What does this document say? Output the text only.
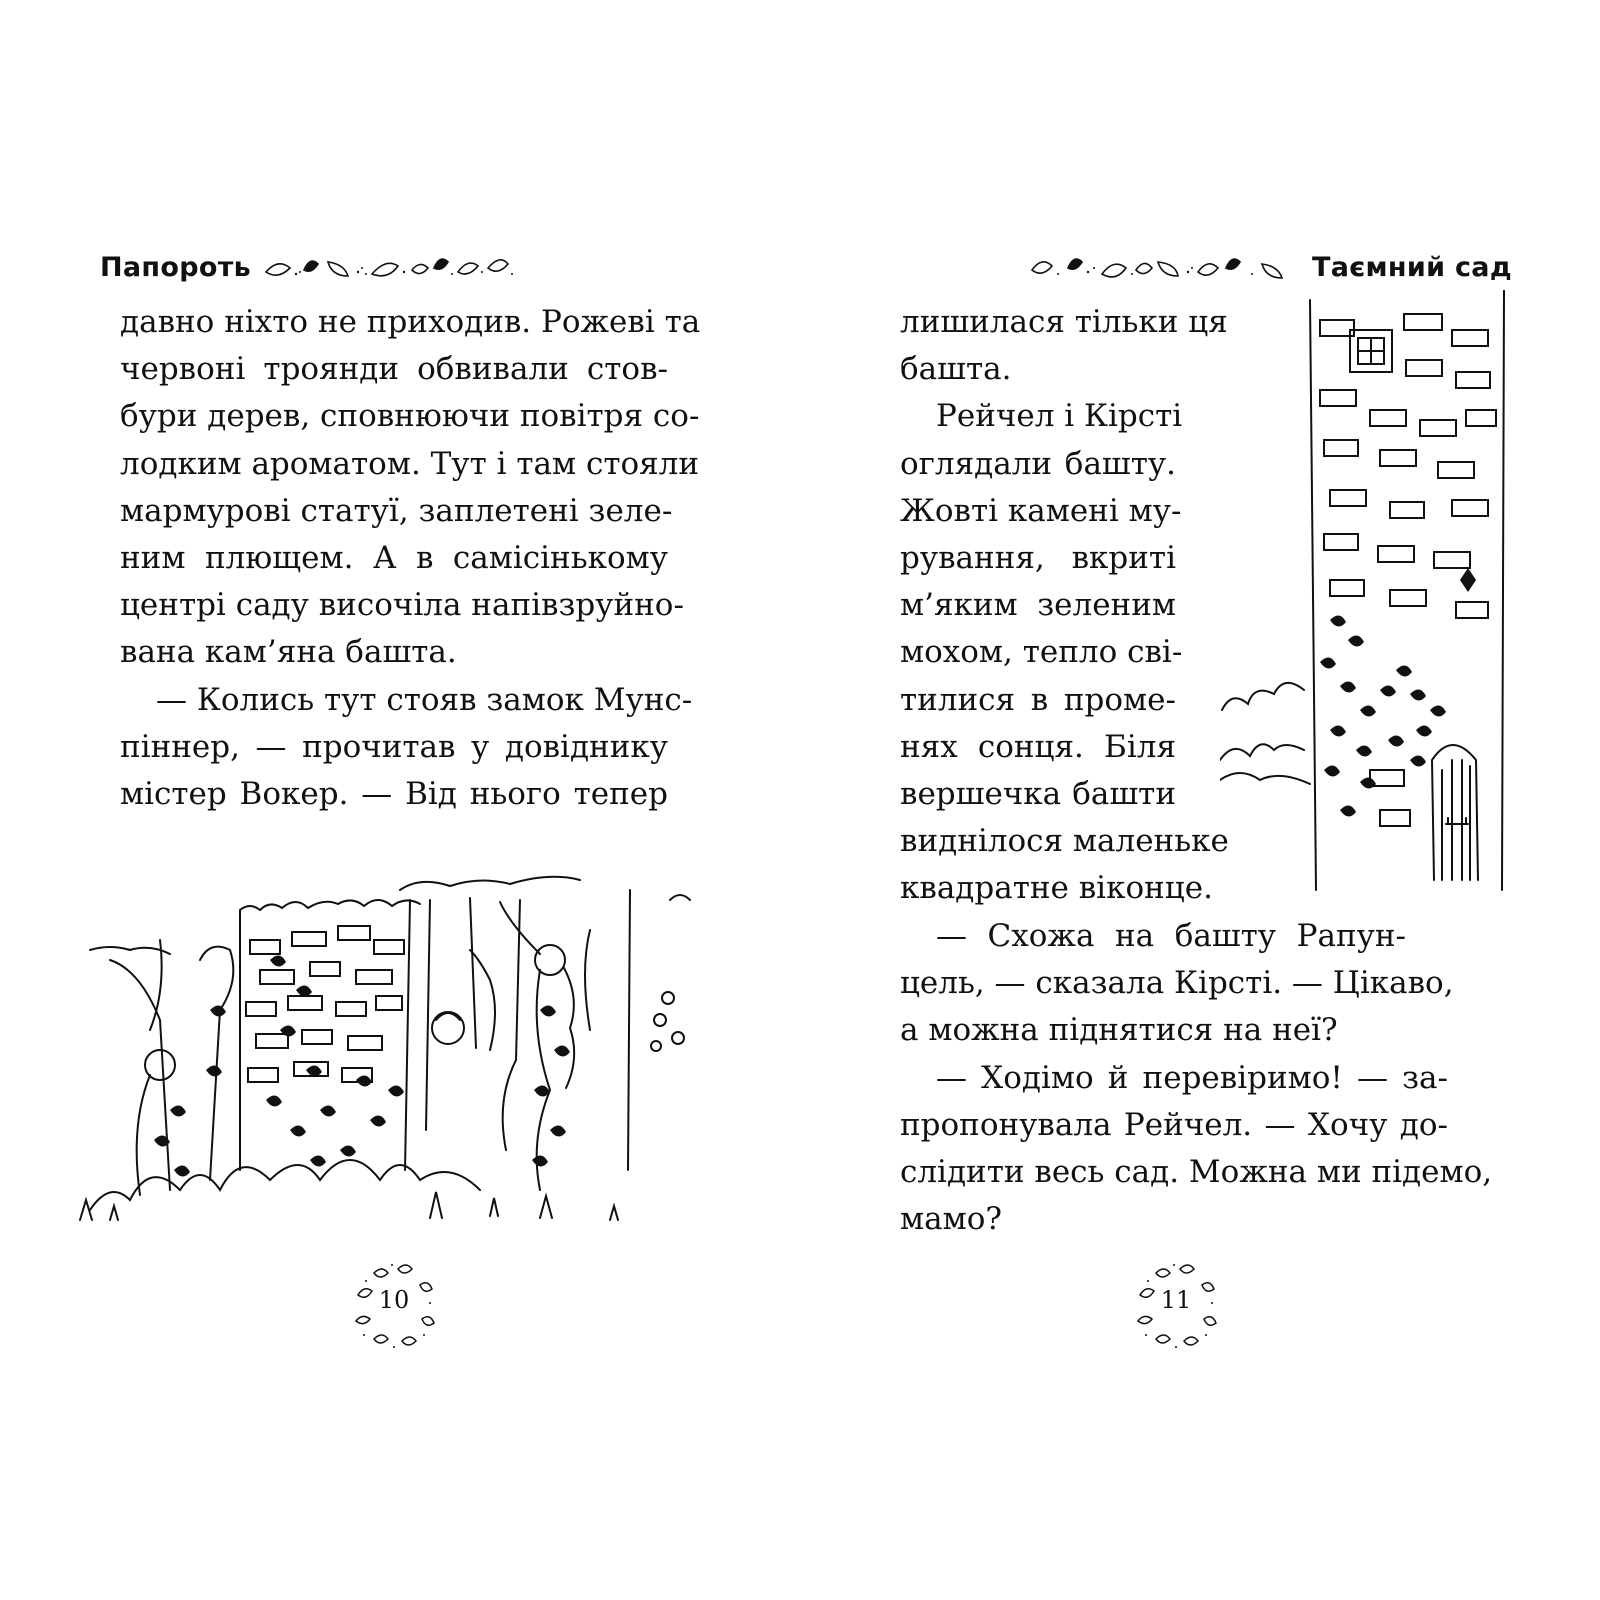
Папороть
давно ніхто не приходив. Рожеві та
червоні троянди обвивали стов-
бури дерев, сповнюючи повітря со-
лодким ароматом. Тут і там стояли
мармурові статуї, заплетені зеле-
ним плющем. А в самісінькому
центрі саду височіла напівзруйно-
вана кам’яна башта.
— Колись тут стояв замок Мунс-
піннер, — прочитав у довіднику
містер Вокер. — Від нього тепер
10
Таємний сад
лишилася тільки ця
башта.
Рейчел і Кірсті
оглядали башту.
Жовті камені му-
рування, вкриті
м’яким зеленим
мохом, тепло сві-
тилися в проме-
нях сонця. Біля
вершечка башти
виднілося маленьке
квадратне віконце.
— Схожа на башту Рапун-
цель, — сказала Кірсті. — Цікаво,
а можна піднятися на неї?
— Ходімо й перевіримо! — за-
пропонувала Рейчел. — Хочу до-
слідити весь сад. Можна ми підемо,
мамо?
11
